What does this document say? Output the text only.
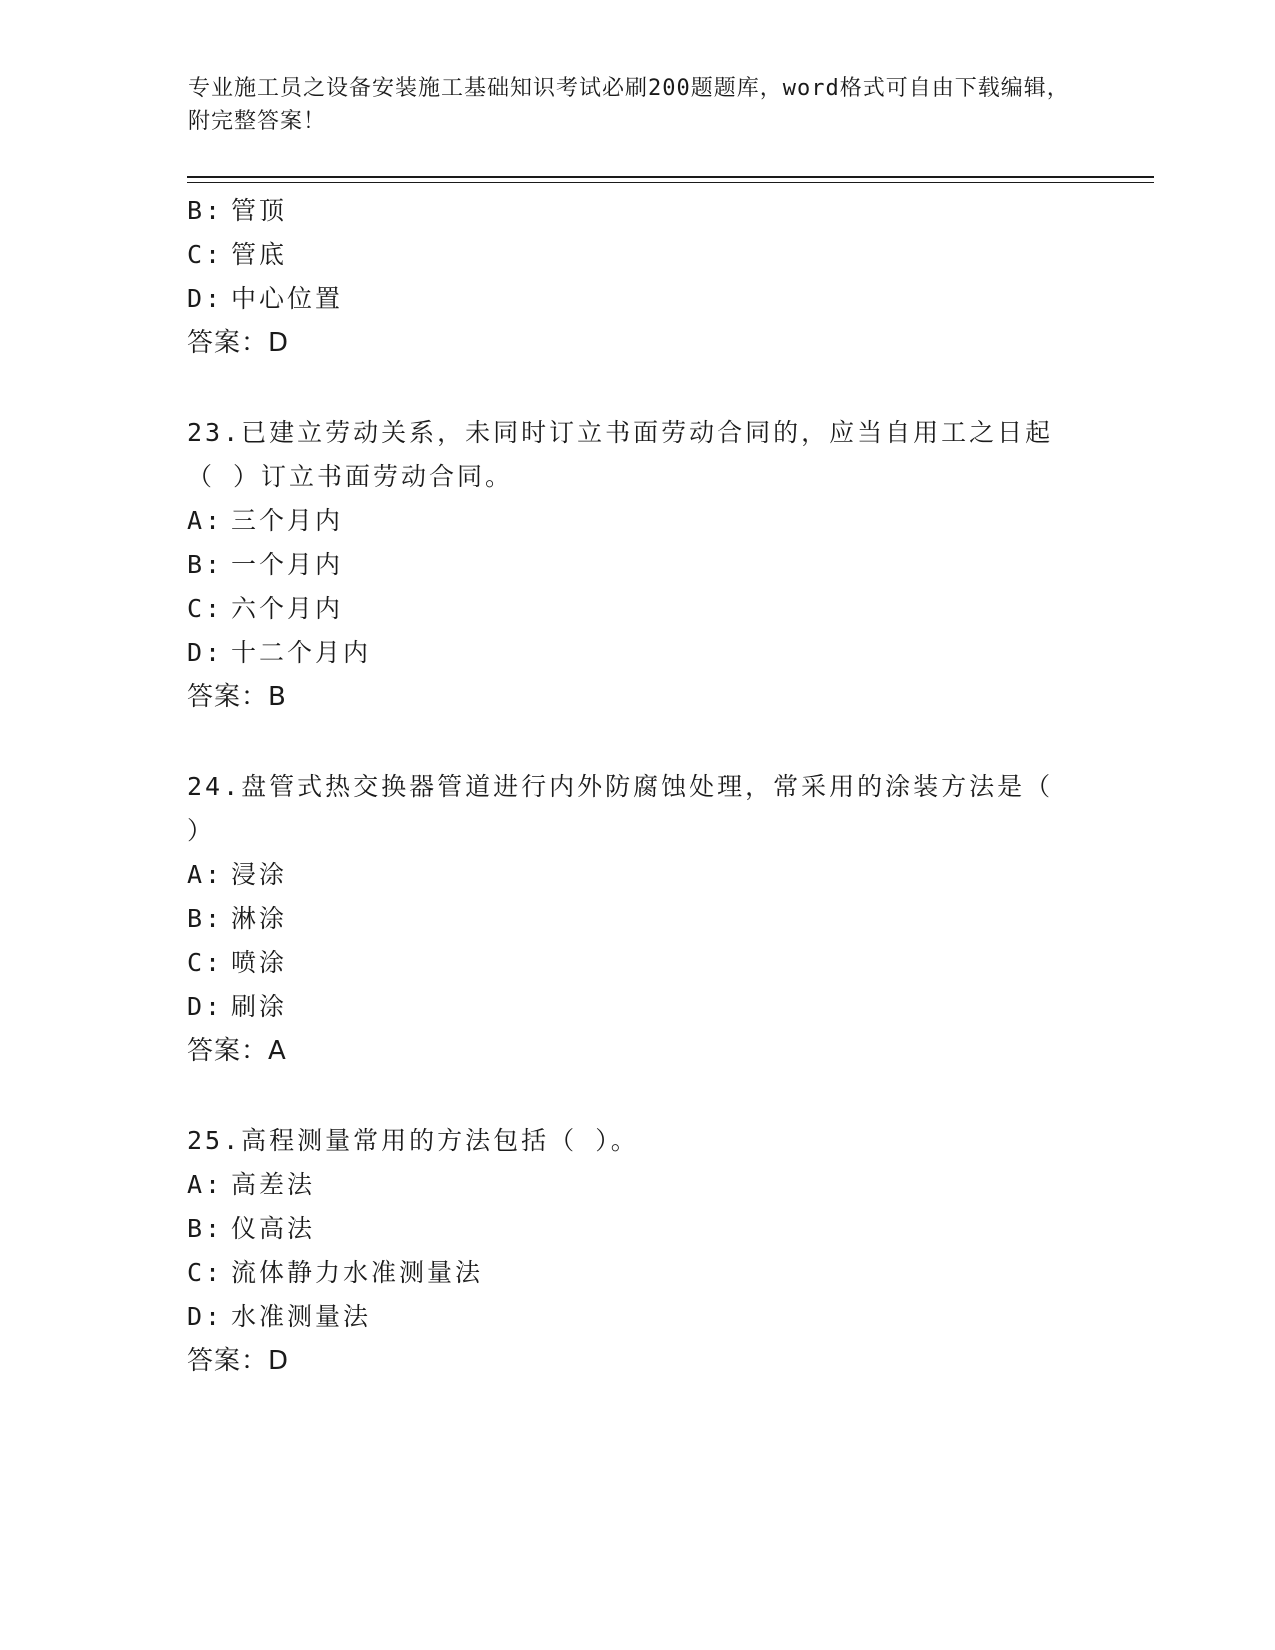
专业施工员之设备安装施工基础知识考试必刷200题题库，word格式可自由下载编辑，附完整答案！

B: 管顶

C: 管底

D: 中心位置

答案：D

23.已建立劳动关系，未同时订立书面劳动合同的，应当自用工之日起

（ ）订立书面劳动合同。

A: 三个月内

B: 一个月内

C: 六个月内

D: 十二个月内

答案：B

24.盘管式热交换器管道进行内外防腐蚀处理，常采用的涂装方法是（

）

A: 浸涂

B: 淋涂

C: 喷涂

D: 刷涂

答案：A

25.高程测量常用的方法包括（ ）。

A: 高差法

B: 仪高法

C: 流体静力水准测量法

D: 水准测量法

答案：D
